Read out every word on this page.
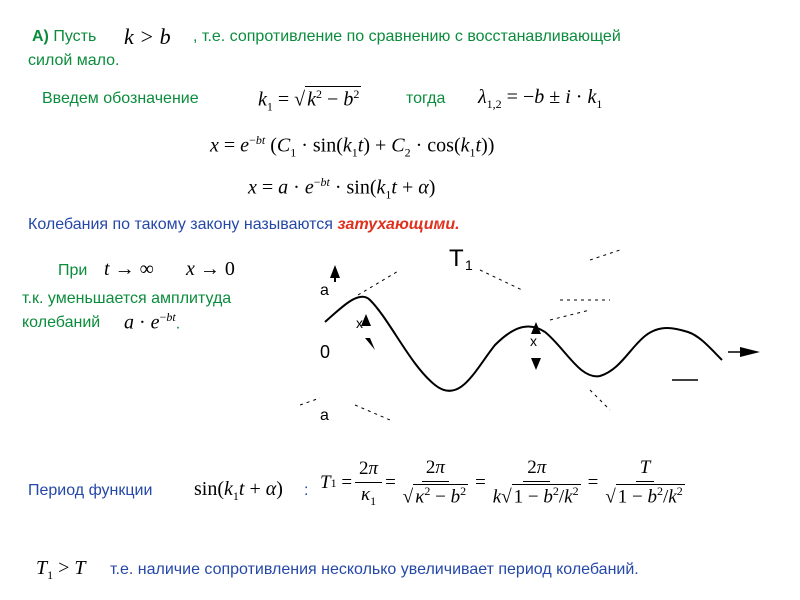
А) Пусть k > b , т.е. сопротивление по сравнению с восстанавливающей
силой мало.
Введем обозначение	$k_1$ = √ $k^2 - b^2$	тогда $\lambda_{1,2} = -b \pm i \cdot k_1$
$x = e^{-bt}$ $(C_1 \cdot \sin(k_1t) + C_2 \cdot \cos(k_1t))$
$x = a \cdot e^{-bt} \cdot \sin(k_1t + \alpha)$
Колебания по такому закону называются затухающими.
При t → ∞ x → 0
т.к. уменьшается амплитуда
колебаний $a \cdot e^{-bt}$.
T 1
a
x
0
a
x
Период функции $\sin(k_1t + \alpha)$ : T $1 = \frac{2\pi}{\kappa_1} = \frac{2\pi}{√ \kappa^2 - b^2} = \frac{2\pi}{k√ 1 - b^2/k^2} = \frac{T}{√ 1 - b^2/k^2}$
$T_1 > T$ т.е. наличие сопротивления несколько увеличивает период колебаний.
